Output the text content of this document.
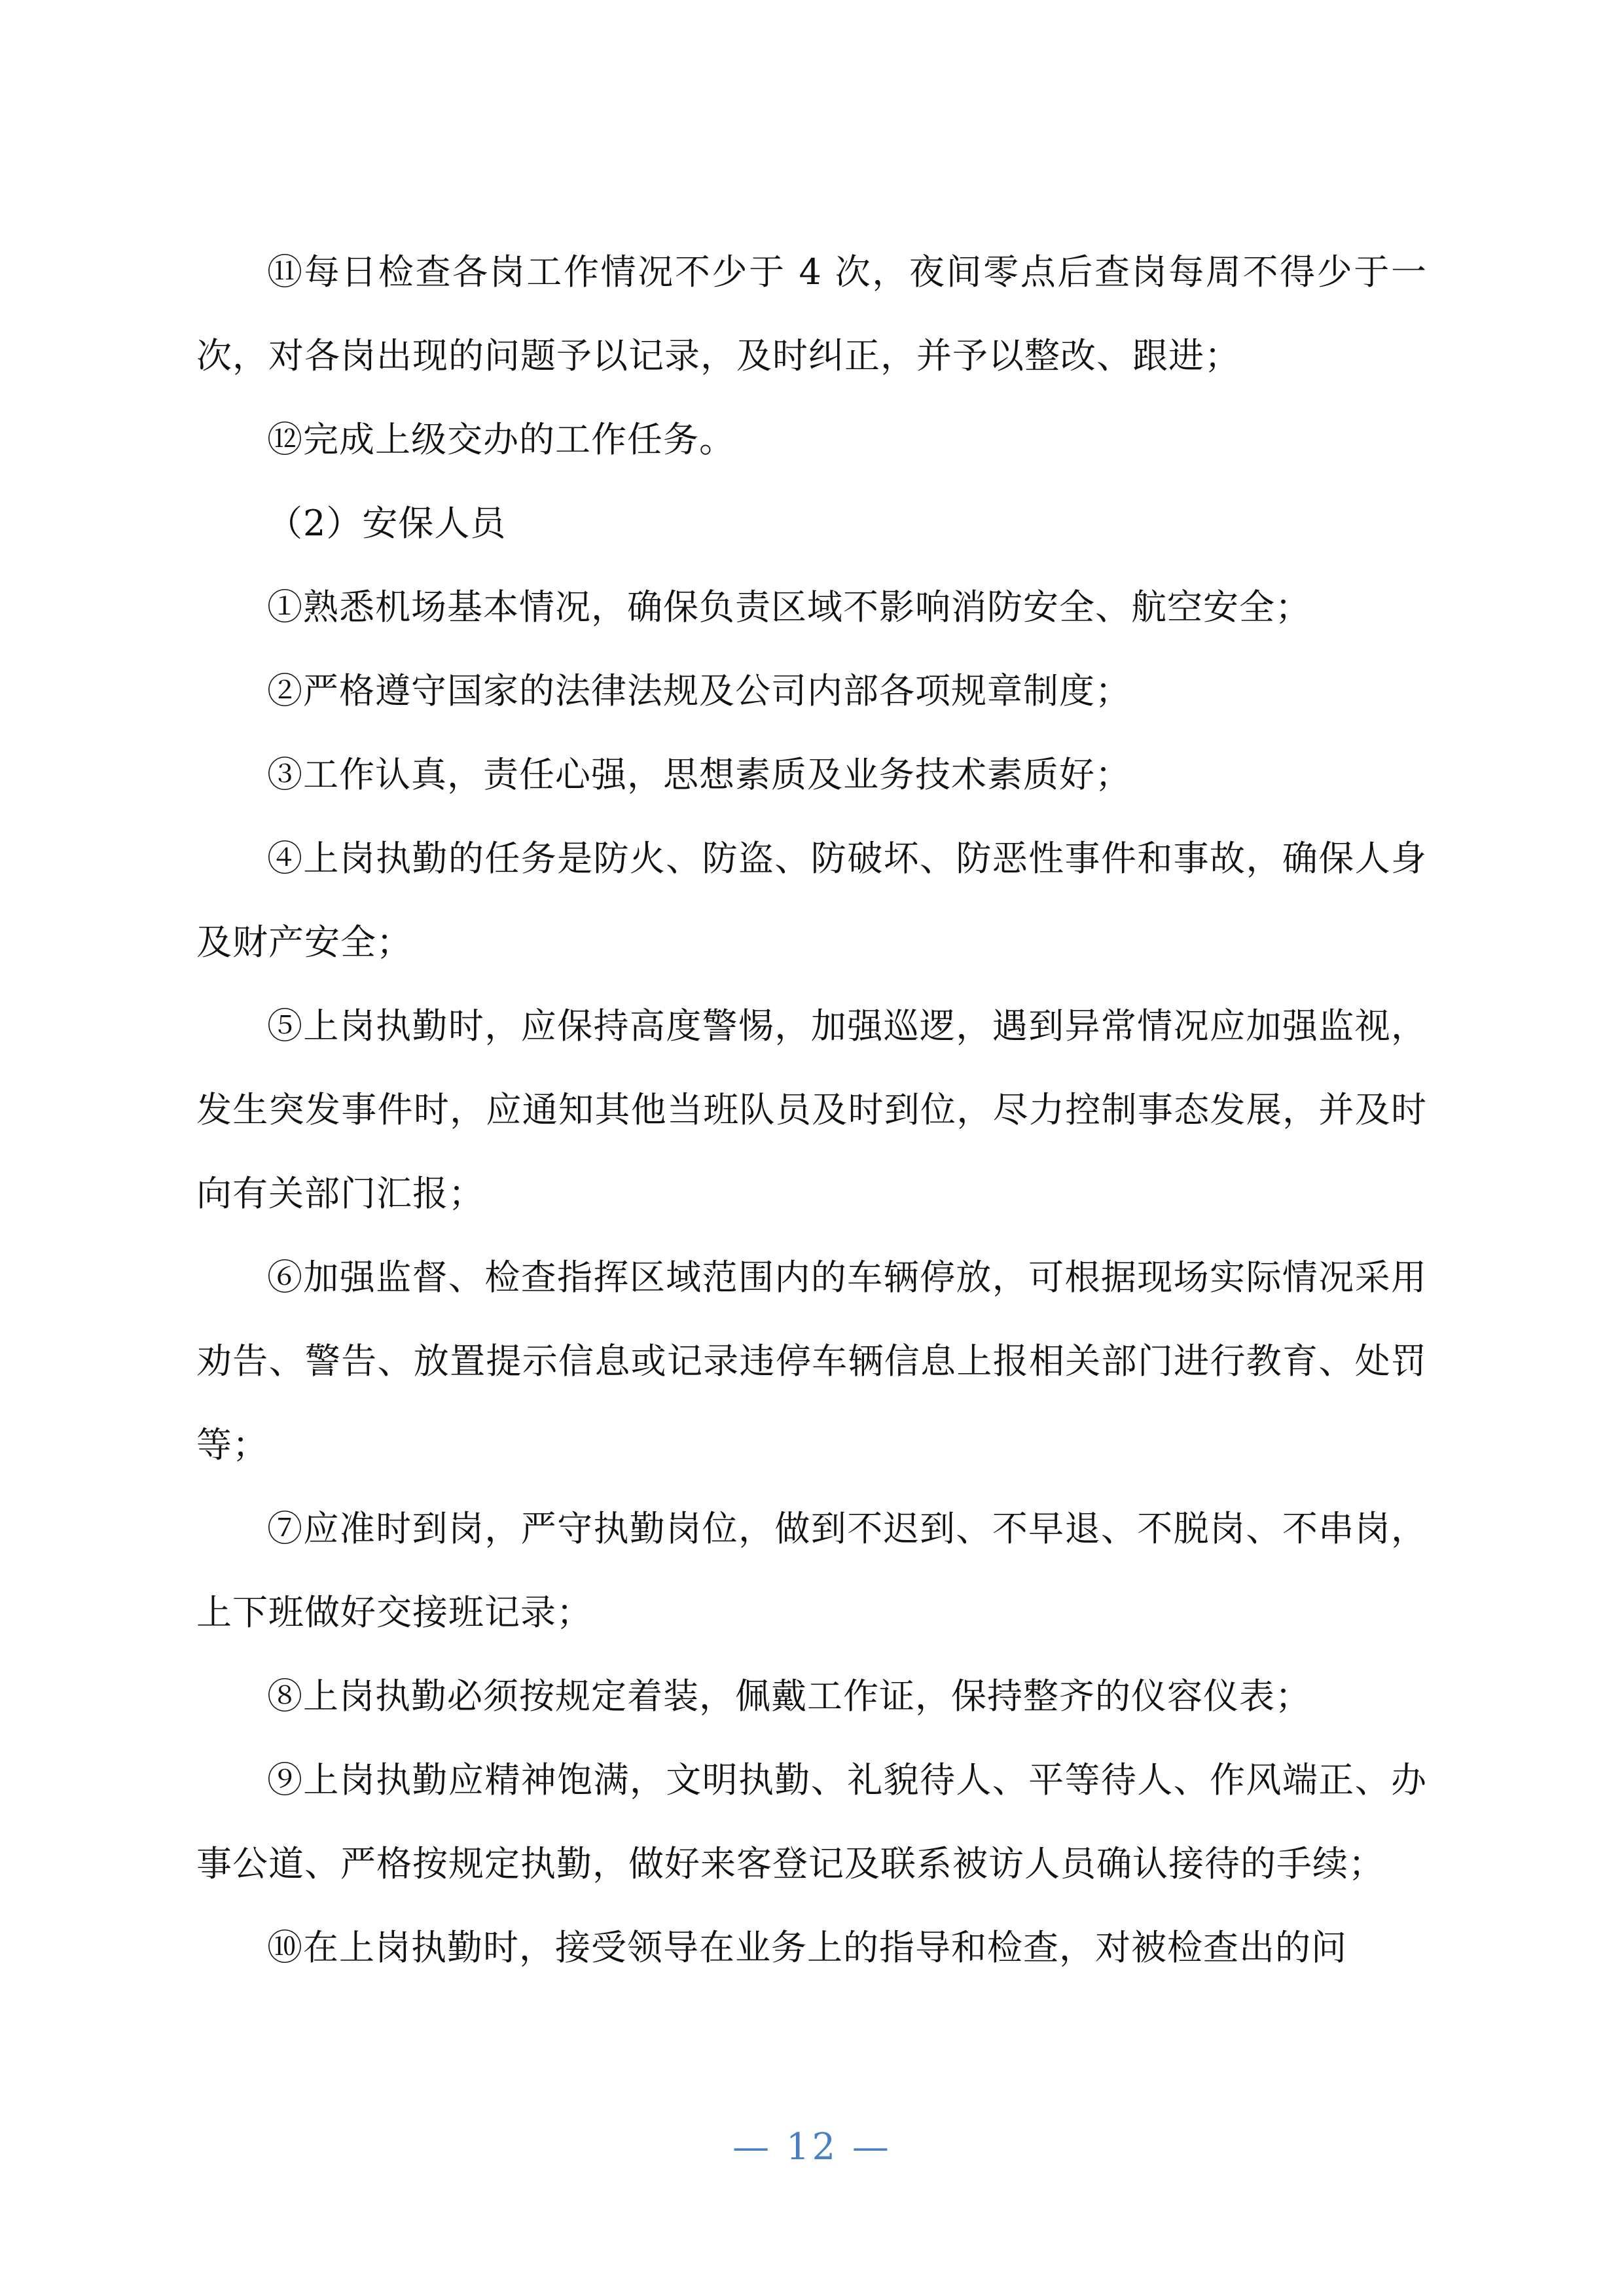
⑪每日检查各岗工作情况不少于 4 次，夜间零点后查岗每周不得少于一次，对各岗出现的问题予以记录，及时纠正，并予以整改、跟进；

⑫完成上级交办的工作任务。

（2）安保人员

①熟悉机场基本情况，确保负责区域不影响消防安全、航空安全；

②严格遵守国家的法律法规及公司内部各项规章制度；

③工作认真，责任心强，思想素质及业务技术素质好；

④上岗执勤的任务是防火、防盗、防破坏、防恶性事件和事故，确保人身及财产安全；

⑤上岗执勤时，应保持高度警惕，加强巡逻，遇到异常情况应加强监视，发生突发事件时，应通知其他当班队员及时到位，尽力控制事态发展，并及时向有关部门汇报；

⑥加强监督、检查指挥区域范围内的车辆停放，可根据现场实际情况采用劝告、警告、放置提示信息或记录违停车辆信息上报相关部门进行教育、处罚等；

⑦应准时到岗，严守执勤岗位，做到不迟到、不早退、不脱岗、不串岗，上下班做好交接班记录；

⑧上岗执勤必须按规定着装，佩戴工作证，保持整齐的仪容仪表；

⑨上岗执勤应精神饱满，文明执勤、礼貌待人、平等待人、作风端正、办事公道、严格按规定执勤，做好来客登记及联系被访人员确认接待的手续；

⑩在上岗执勤时，接受领导在业务上的指导和检查，对被检查出的问

— 12 —
